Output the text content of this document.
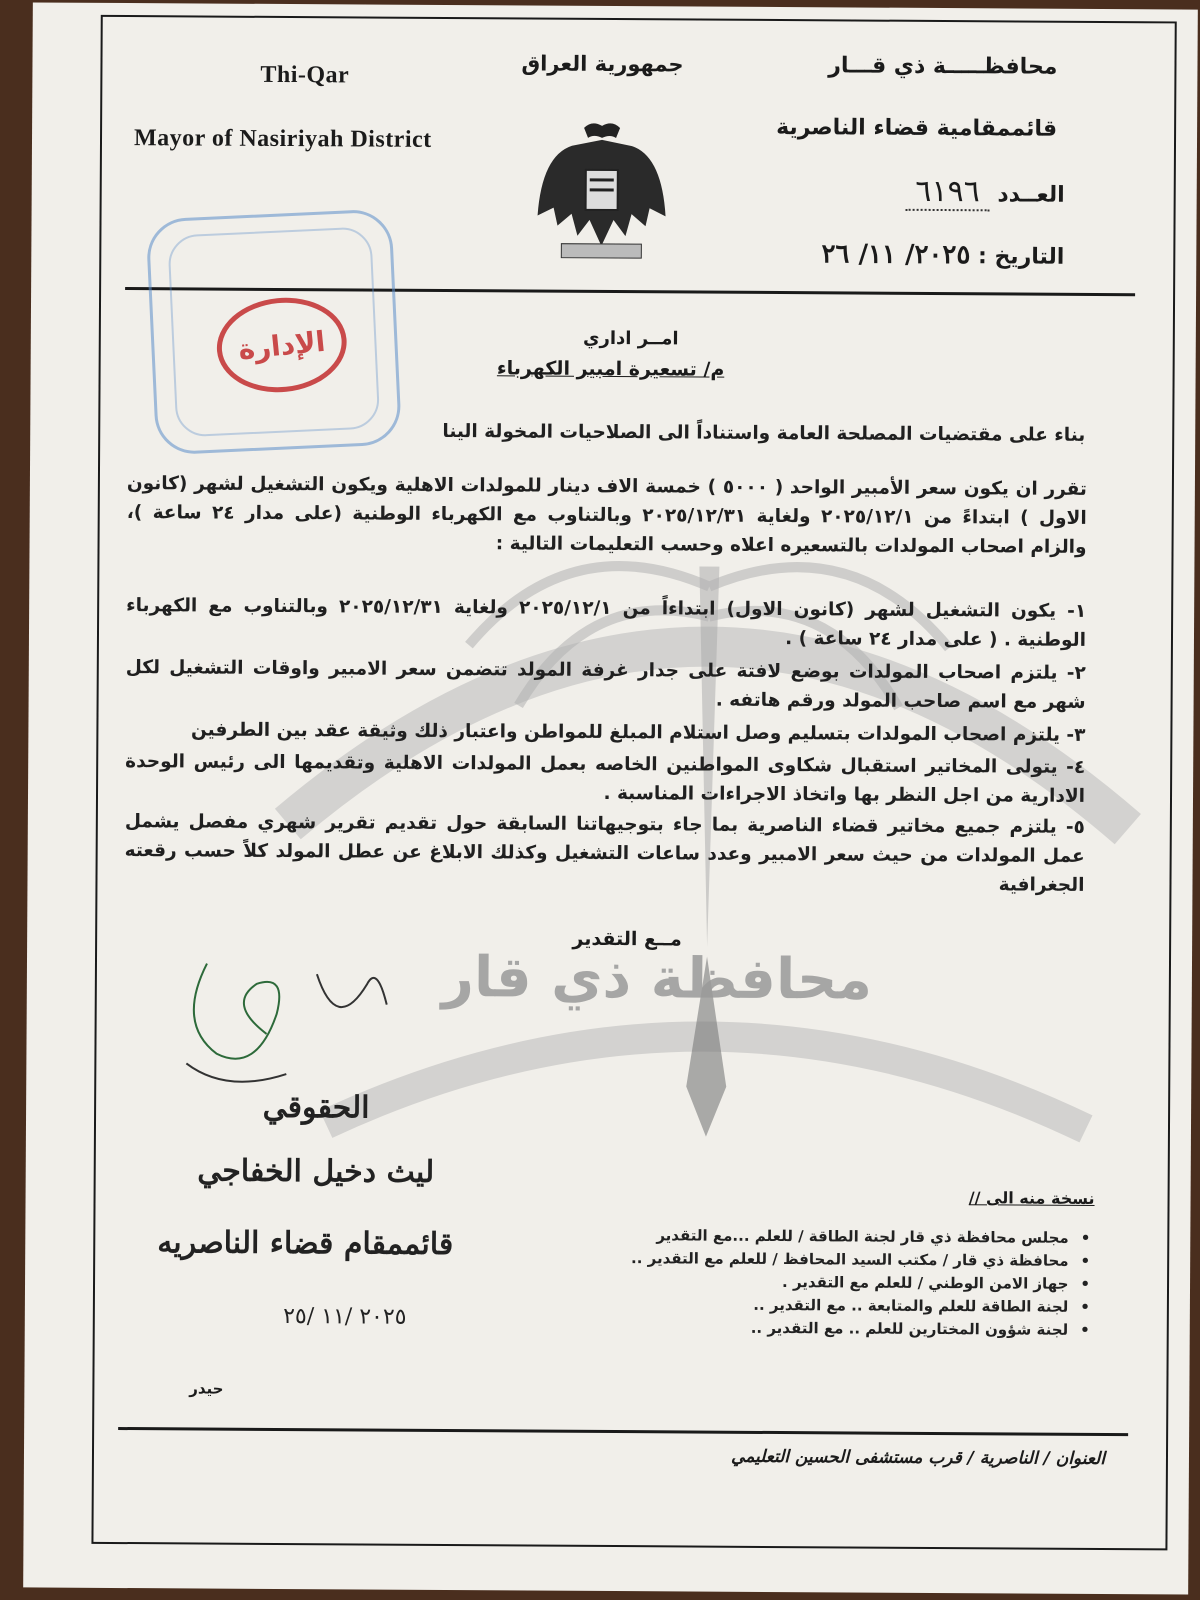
محافظة ذي قار
محافظـــــة ذي قـــار
قائممقامية قضاء الناصرية
العــدد ٦١٩٦
التاريخ : ٢٠٢٥/ ١١/ ٢٦
جمهورية العراق
Thi-Qar
Mayor of Nasiriyah District
الإدارة	امــر اداري
م/ تسعيرة امبير الكهرباء
بناء على مقتضيات المصلحة العامة واستناداً الى الصلاحيات المخولة الينا
تقرر ان يكون سعر الأمبير الواحد ( ٥٠٠٠ ) خمسة الاف دينار للمولدات الاهلية ويكون التشغيل لشهر (كانون الاول ) ابتداءً من ٢٠٢٥/١٢/١ ولغاية ٢٠٢٥/١٢/٣١ وبالتناوب مع الكهرباء الوطنية (على مدار ٢٤ ساعة )، والزام اصحاب المولدات بالتسعيره اعلاه وحسب التعليمات التالية :
١- يكون التشغيل لشهر (كانون الاول) ابتداءاً من ٢٠٢٥/١٢/١ ولغاية ٢٠٢٥/١٢/٣١ وبالتناوب مع الكهرباء الوطنية . ( على مدار ٢٤ ساعة ) .
٢- يلتزم اصحاب المولدات بوضع لافتة على جدار غرفة المولد تتضمن سعر الامبير واوقات التشغيل لكل شهر مع اسم صاحب المولد ورقم هاتفه .
٣- يلتزم اصحاب المولدات بتسليم وصل استلام المبلغ للمواطن واعتبار ذلك وثيقة عقد بين الطرفين
٤- يتولى المخاتير استقبال شكاوى المواطنين الخاصه بعمل المولدات الاهلية وتقديمها الى رئيس الوحدة الادارية من اجل النظر بها واتخاذ الاجراءات المناسبة .
٥- يلتزم جميع مخاتير قضاء الناصرية بما جاء بتوجيهاتنا السابقة حول تقديم تقرير شهري مفصل يشمل عمل المولدات من حيث سعر الامبير وعدد ساعات التشغيل وكذلك الابلاغ عن عطل المولد كلاً حسب رقعته الجغرافية
مــع التقدير
الحقوقي
ليث دخيل الخفاجي
قائممقام قضاء الناصريه
٢٠٢٥ /١١ /٢٥
حيدر
نسخة منه الى //
• مجلس محافظة ذي قار لجنة الطاقة / للعلم ...مع التقدير
• محافظة ذي قار / مكتب السيد المحافظ / للعلم مع التقدير ..
• جهاز الامن الوطني / للعلم مع التقدير .
• لجنة الطاقة للعلم والمتابعة .. مع التقدير ..
• لجنة شؤون المختارين للعلم .. مع التقدير ..
العنوان / الناصرية / قرب مستشفى الحسين التعليمي
